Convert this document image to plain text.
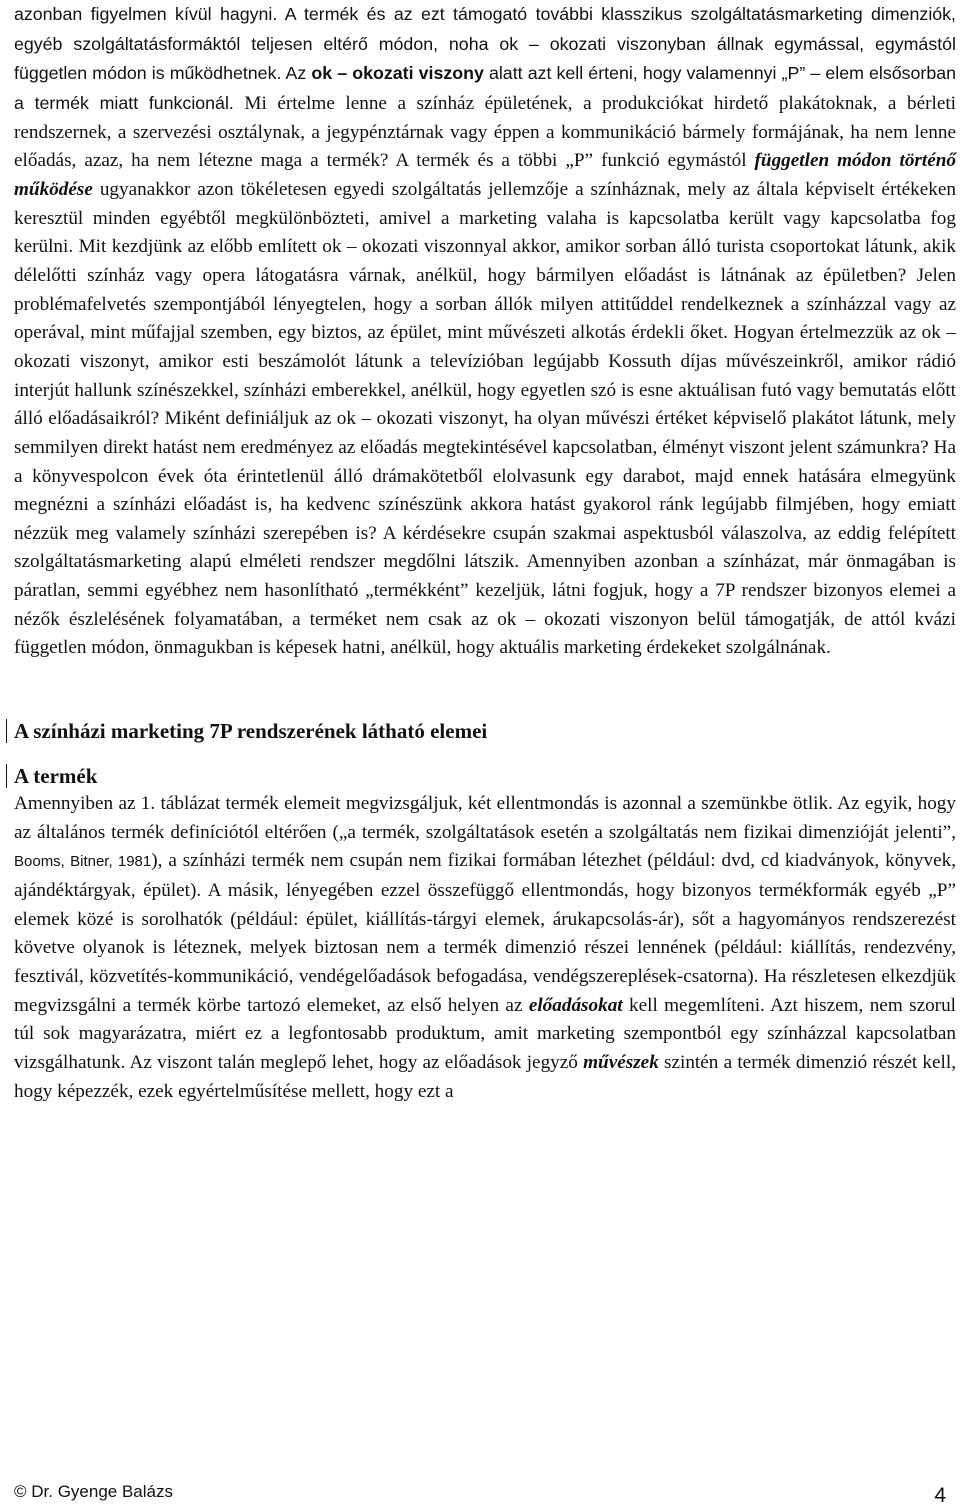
azonban figyelmen kívül hagyni. A termék és az ezt támogató további klasszikus szolgáltatásmarketing dimenziók, egyéb szolgáltatásformáktól teljesen eltérő módon, noha ok – okozati viszonyban állnak egymással, egymástól független módon is működhetnek. Az ok – okozati viszony alatt azt kell érteni, hogy valamennyi „P” – elem elsősorban a termék miatt funkcionál. Mi értelme lenne a színház épületének, a produkciókat hirdető plakátoknak, a bérleti rendszernek, a szervezési osztálynak, a jegypénztárnak vagy éppen a kommunikáció bármely formájának, ha nem lenne előadás, azaz, ha nem létezne maga a termék? A termék és a többi „P” funkció egymástól független módon történő működése ugyanakkor azon tökéletesen egyedi szolgáltatás jellemzője a színháznak, mely az általa képviselt értékeken keresztül minden egyébtől megkülönbözteti, amivel a marketing valaha is kapcsolatba került vagy kapcsolatba fog kerülni. Mit kezdjünk az előbb említett ok – okozati viszonnyal akkor, amikor sorban álló turista csoportokat látunk, akik délelőtti színház vagy opera látogatásra várnak, anélkül, hogy bármilyen előadást is látnának az épületben? Jelen problémafelvetés szempontjából lényegtelen, hogy a sorban állók milyen attitűddel rendelkeznek a színházzal vagy az operával, mint műfajjal szemben, egy biztos, az épület, mint művészeti alkotás érdekli őket. Hogyan értelmezzük az ok – okozati viszonyt, amikor esti beszámolót látunk a televízióban legújabb Kossuth díjas művészeinkről, amikor rádió interjút hallunk színészekkel, színházi emberekkel, anélkül, hogy egyetlen szó is esne aktuálisan futó vagy bemutatás előtt álló előadásaikról? Miként definiáljuk az ok – okozati viszonyt, ha olyan művészi értéket képviselő plakátot látunk, mely semmilyen direkt hatást nem eredményez az előadás megtekintésével kapcsolatban, élményt viszont jelent számunkra? Ha a könyvespolcon évek óta érintetlenül álló drámakötetből elolvasunk egy darabot, majd ennek hatására elmegyünk megnézni a színházi előadást is, ha kedvenc színészünk akkora hatást gyakorol ránk legújabb filmjében, hogy emiatt nézzük meg valamely színházi szerepében is? A kérdésekre csupán szakmai aspektusból válaszolva, az eddig felépített szolgáltatásmarketing alapú elméleti rendszer megdőlni látszik. Amennyiben azonban a színházat, már önmagában is páratlan, semmi egyébhez nem hasonlítható „termékként” kezeljük, látni fogjuk, hogy a 7P rendszer bizonyos elemei a nézők észlelésének folyamatában, a terméket nem csak az ok – okozati viszonyon belül támogatják, de attól kvázi független módon, önmagukban is képesek hatni, anélkül, hogy aktuális marketing érdekeket szolgálnának.

A színházi marketing 7P rendszerének látható elemei
A termék

Amennyiben az 1. táblázat termék elemeit megvizsgáljuk, két ellentmondás is azonnal a szemünkbe ötlik. Az egyik, hogy az általános termék definíciótól eltérően („a termék, szolgáltatások esetén a szolgáltatás nem fizikai dimenzióját jelenti”, Booms, Bitner, 1981), a színházi termék nem csupán nem fizikai formában létezhet (például: dvd, cd kiadványok, könyvek, ajándéktárgyak, épület). A másik, lényegében ezzel összefüggő ellentmondás, hogy bizonyos termékformák egyéb „P” elemek közé is sorolhatók (például: épület, kiállítás-tárgyi elemek, árukapcsolás-ár), sőt a hagyományos rendszerezést követve olyanok is léteznek, melyek biztosan nem a termék dimenzió részei lennének (például: kiállítás, rendezvény, fesztivál, közvetítés-kommunikáció, vendégelőadások befogadása, vendégszereplések-csatorna). Ha részletesen elkezdjük megvizsgálni a termék körbe tartozó elemeket, az első helyen az előadásokat kell megemlíteni. Azt hiszem, nem szorul túl sok magyarázatra, miért ez a legfontosabb produktum, amit marketing szempontból egy színházzal kapcsolatban vizsgálhatunk. Az viszont talán meglepő lehet, hogy az előadások jegyző művészek szintén a termék dimenzió részét kell, hogy képezzék, ezek egyértelműsítése mellett, hogy ezt a

© Dr. Gyenge Balázs	4
